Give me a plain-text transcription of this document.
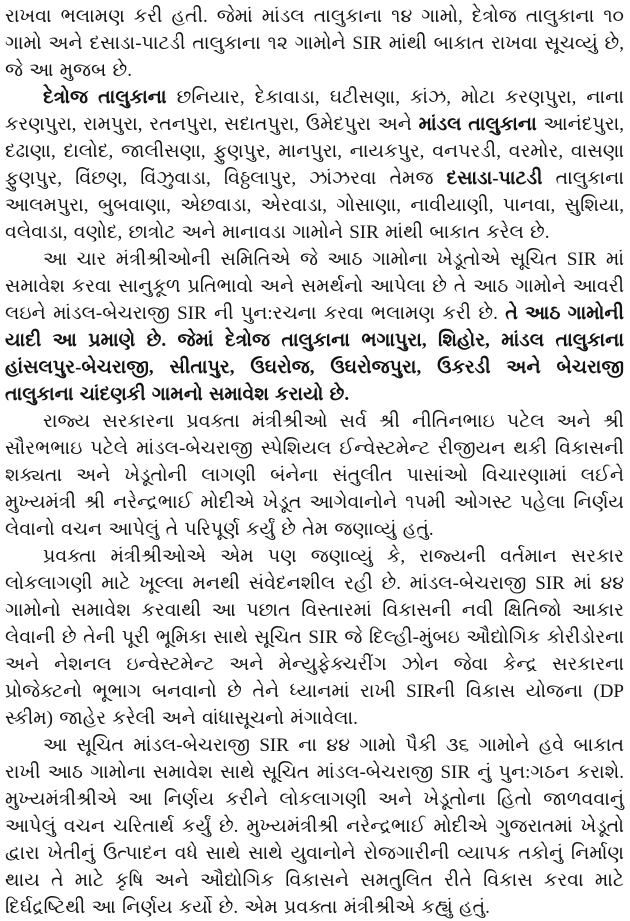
રાખવા ભલામણ કરી હતી. જેમાં માંડલ તાલુકાના ૧૪ ગામો, દેત્રોજ તાલુકાના ૧૦ ગામો અને દસાડા-પાટડી તાલુકાના ૧૨ ગામોને SIR માંથી બાકાત રાખવા સૂચવ્યું છે, જે આ મુજબ છે.

દેત્રોજ તાલુકાના છનિયાર, દેકાવાડા, ઘટીસણા, કાંઝ, મોટા કરણપુરા, નાના કરણપુરા, રામપુરા, રતનપુરા, સદાતપુરા, ઉમેદપુરા અને માંડલ તાલુકાના આનંદપુરા, દઢાણા, દાલોદ, જાલીસણા, ફુણપુર, માનપુરા, નાયકપુર, વનપરડી, વરમોર, વાસણા ફુણપુર, વિંછણ, વિંઝુવાડા, વિઠ્ઠલાપુર, ઝાંઝરવા તેમજ દસાડા-પાટડી તાલુકાના આલમપુરા, બુબવાણા, એછવાડા, એરવાડા, ગોસાણા, નાવીયાણી, પાનવા, સુશિયા, વલેવાડા, વણોદ, છાત્રોટ અને માનાવડા ગામોને SIR માંથી બાકાત કરેલ છે.

આ ચાર મંત્રીશ્રીઓની સમિતિએ જે આઠ ગામોના ખેડૂતોએ સૂચિત SIR માં સમાવેશ કરવા સાનુકૂળ પ્રતિભાવો અને સમર્થનો આપેલા છે તે આઠ ગામોને આવરી લઇને માંડલ-બેચરાજી SIR ની પુન:રચના કરવા ભલામણ કરી છે. તે આઠ ગામોની યાદી આ પ્રમાણે છે. જેમાં દેત્રોજ તાલુકાના ભગાપુરા, શિહોર, માંડલ તાલુકાના હાંસલપુર-બેચરાજી, સીતાપુર, ઉઘરોજ, ઉઘરોજપુરા, ઉકરડી અને બેચરાજી તાલુકાના ચાંદણકી ગામનો સમાવેશ કરાયો છે.

રાજ્ય સરકારના પ્રવક્તા મંત્રીશ્રીઓ સર્વ શ્રી નીતિનભાઇ પટેલ અને શ્રી સૌરભભાઇ પટેલે માંડલ-બેચરાજી સ્પેશિયલ ઈન્વેસ્ટમેન્ટ રીજીયન થકી વિકાસની શક્યતા અને ખેડૂતોની લાગણી બંનેના સંતુલીત પાસાંઓ વિચારણામાં લઈને મુખ્યમંત્રી શ્રી નરેન્દ્રભાઈ મોદીએ ખેડૂત આગેવાનોને ૧૫મી ઓગસ્ટ પહેલા નિર્ણય લેવાનો વચન આપેલું તે પરિપૂર્ણ કર્યું છે તેમ જણાવ્યું હતું.

પ્રવક્તા મંત્રીશ્રીઓએ એમ પણ જણાવ્યું કે, રાજ્યની વર્તમાન સરકાર લોકલાગણી માટે ખૂલ્લા મનથી સંવેદનશીલ રહી છે. માંડલ-બેચરાજી SIR માં ૪૪ ગામોનો સમાવેશ કરવાથી આ પછાત વિસ્તારમાં વિકાસની નવી ક્ષિતિજો આકાર લેવાની છે તેની પૂરી ભૂમિકા સાથે સૂચિત SIR જે દિલ્હી-મુંબઇ ઔદ્યોગિક કોરીડોરના અને નેશનલ ઇન્વેસ્ટમેન્ટ અને મેન્યુફેક્ચરીંગ ઝોન જેવા કેન્દ્ર સરકારના પ્રોજેક્ટનો ભૂભાગ બનવાનો છે તેને ધ્યાનમાં રાખી SIRની વિકાસ યોજના (DP સ્કીમ) જાહેર કરેલી અને વાંધાસૂચનો મંગાવેલા.

આ સૂચિત માંડલ-બેચરાજી SIR ના ૪૪ ગામો પૈકી ૩૬ ગામોને હવે બાકાત રાખી આઠ ગામોના સમાવેશ સાથે સૂચિત માંડલ-બેચરાજી SIR નું પુન:ગઠન કરાશે. મુખ્યમંત્રીશ્રીએ આ નિર્ણય કરીને લોકલાગણી અને ખેડૂતોના હિતો જાળવવાનું આપેલું વચન ચરિતાર્થ કર્યું છે. મુખ્યમંત્રીશ્રી નરેન્દ્રભાઈ મોદીએ ગુજરાતમાં ખેડૂતો દ્વારા ખેતીનું ઉત્પાદન વધે સાથે સાથે યુવાનોને રોજગારીની વ્યાપક તકોનું નિર્માણ થાય તે માટે કૃષિ અને ઔદ્યોગિક વિકાસને સમતુલિત રીતે વિકાસ કરવા માટે દિર્ઘદ્રષ્ટિથી આ નિર્ણય કર્યો છે. એમ પ્રવક્તા મંત્રીશ્રીએ કહ્યું હતું.
